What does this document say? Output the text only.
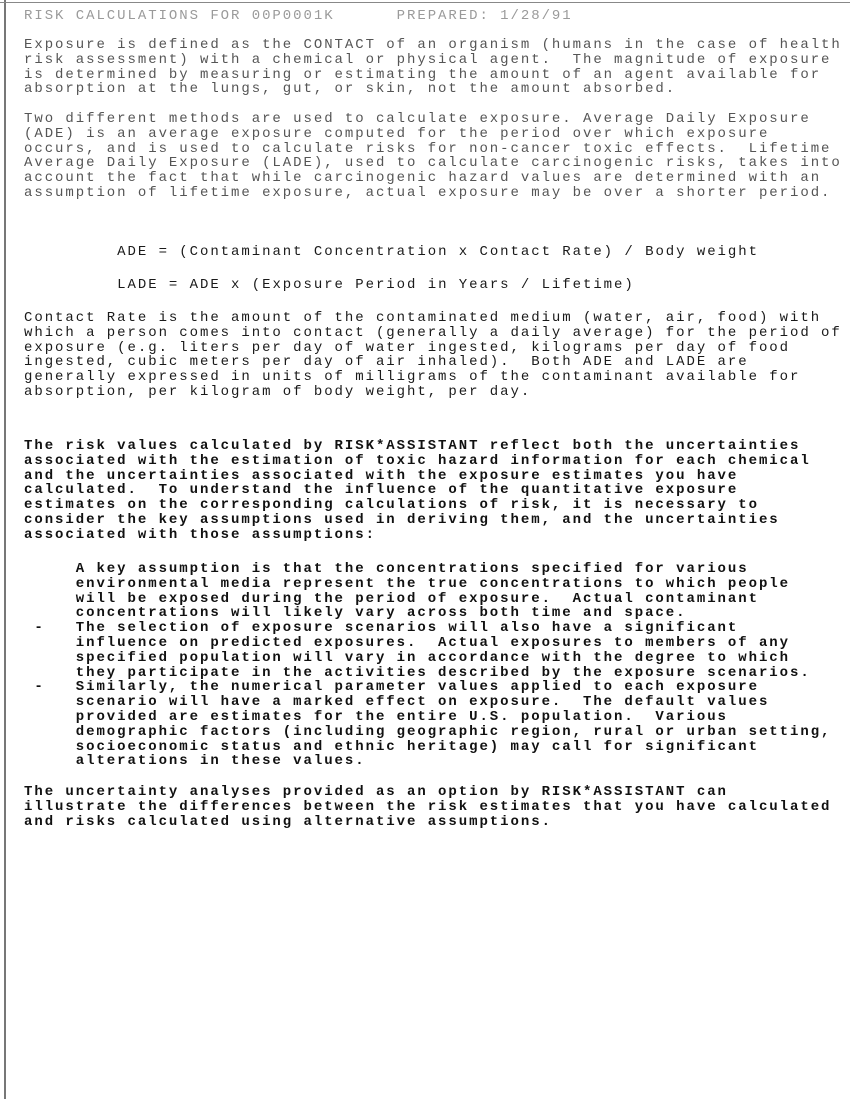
RISK CALCULATIONS FOR 00P0001K	PREPARED: 1/28/91
Exposure is defined as the CONTACT of an organism (humans in the case of health
risk assessment) with a chemical or physical agent.  The magnitude of exposure
is determined by measuring or estimating the amount of an agent available for
absorption at the lungs, gut, or skin, not the amount absorbed.
Two different methods are used to calculate exposure. Average Daily Exposure
(ADE) is an average exposure computed for the period over which exposure
occurs, and is used to calculate risks for non-cancer toxic effects.  Lifetime
Average Daily Exposure (LADE), used to calculate carcinogenic risks, takes into
account the fact that while carcinogenic hazard values are determined with an
assumption of lifetime exposure, actual exposure may be over a shorter period.
ADE = (Contaminant Concentration x Contact Rate) / Body weight
LADE = ADE x (Exposure Period in Years / Lifetime)
Contact Rate is the amount of the contaminated medium (water, air, food) with
which a person comes into contact (generally a daily average) for the period of
exposure (e.g. liters per day of water ingested, kilograms per day of food
ingested, cubic meters per day of air inhaled).  Both ADE and LADE are
generally expressed in units of milligrams of the contaminant available for
absorption, per kilogram of body weight, per day.
The risk values calculated by RISK*ASSISTANT reflect both the uncertainties
associated with the estimation of toxic hazard information for each chemical
and the uncertainties associated with the exposure estimates you have
calculated.  To understand the influence of the quantitative exposure
estimates on the corresponding calculations of risk, it is necessary to
consider the key assumptions used in deriving them, and the uncertainties
associated with those assumptions:
A key assumption is that the concentrations specified for various
environmental media represent the true concentrations to which people
will be exposed during the period of exposure.  Actual contaminant
concentrations will likely vary across both time and space.
-   The selection of exposure scenarios will also have a significant
influence on predicted exposures.  Actual exposures to members of any
specified population will vary in accordance with the degree to which
they participate in the activities described by the exposure scenarios.
-   Similarly, the numerical parameter values applied to each exposure
scenario will have a marked effect on exposure.  The default values
provided are estimates for the entire U.S. population.  Various
demographic factors (including geographic region, rural or urban setting,
socioeconomic status and ethnic heritage) may call for significant
alterations in these values.
The uncertainty analyses provided as an option by RISK*ASSISTANT can
illustrate the differences between the risk estimates that you have calculated
and risks calculated using alternative assumptions.
